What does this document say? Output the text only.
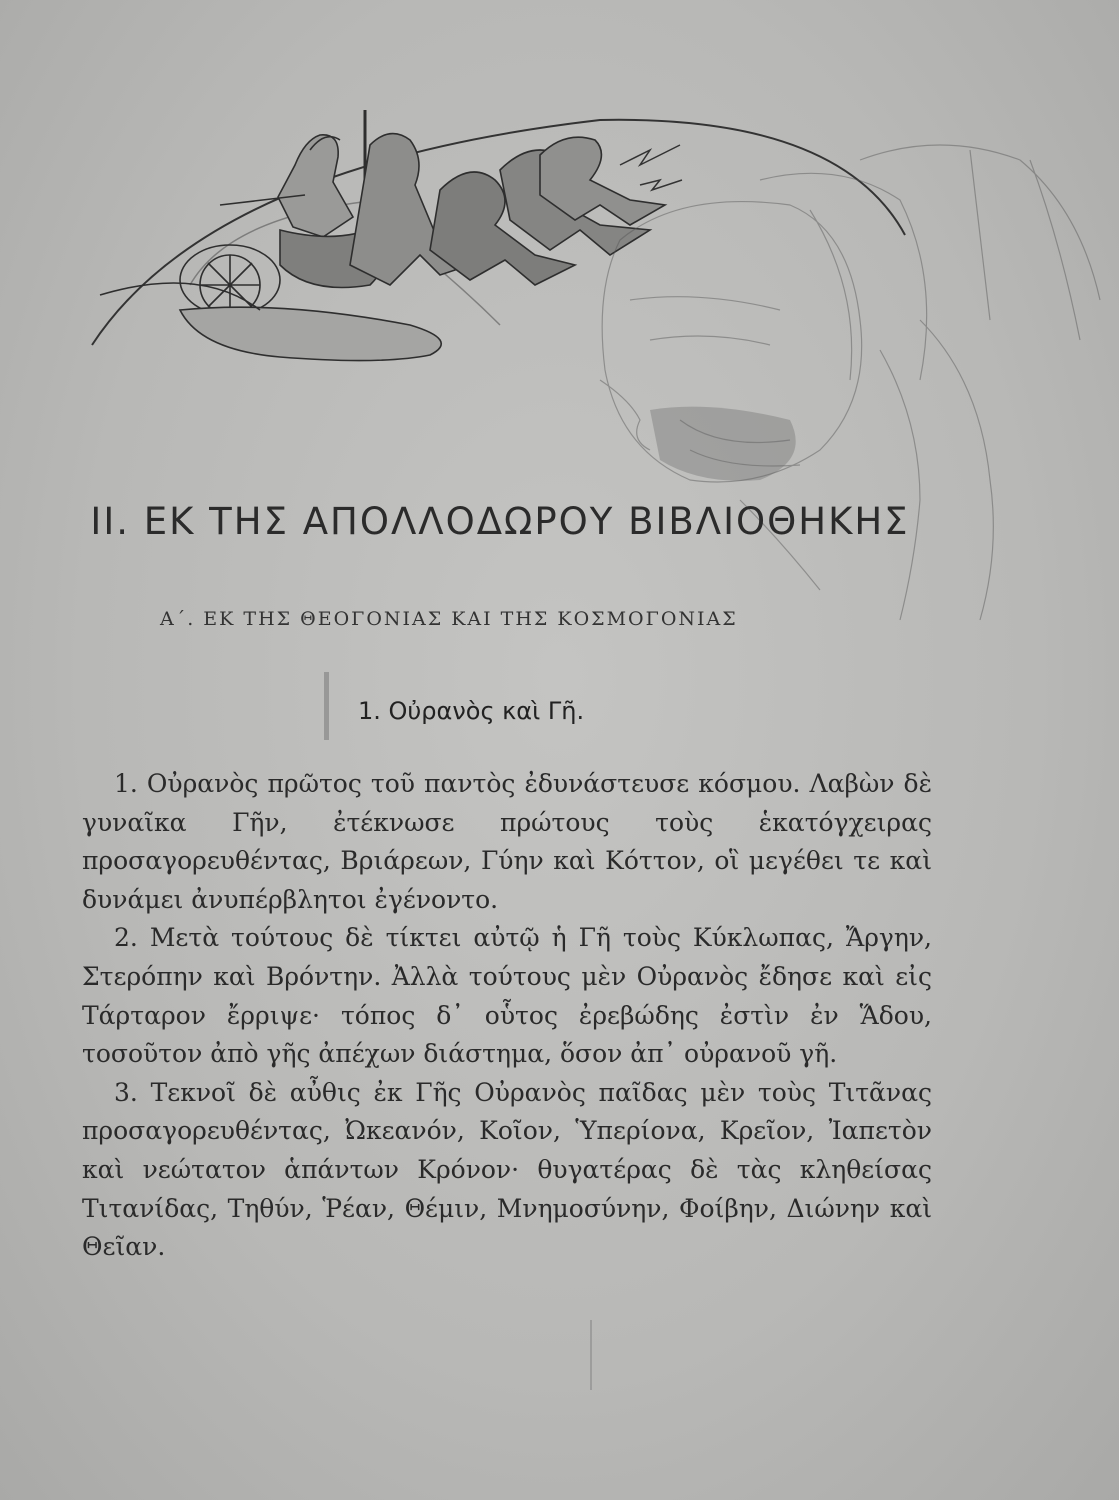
II. ΕΚ ΤΗΣ ΑΠΟΛΛΟΔΩΡΟΥ ΒΙΒΛΙΟΘΗΚΗΣ
Α΄. ΕΚ ΤΗΣ ΘΕΟΓΟΝΙΑΣ ΚΑΙ ΤΗΣ ΚΟΣΜΟΓΟΝΙΑΣ
1. Οὐρανὸς καὶ Γῆ.

1. Οὐρανὸς πρῶτος τοῦ παντὸς ἐδυνάστευσε κόσμου. Λαβὼν δὲ γυναῖκα Γῆν, ἐτέκνωσε πρώτους τοὺς ἑκατόγχειρας προσαγορευθέντας, Βριάρεων, Γύην καὶ Κόττον, οἳ μεγέθει τε καὶ δυνάμει ἀνυπέρβλητοι ἐγένοντο.

2. Μετὰ τούτους δὲ τίκτει αὐτῷ ἡ Γῆ τοὺς Κύκλωπας, Ἄργην, Στερόπην καὶ Βρόντην. Ἀλλὰ τούτους μὲν Οὐρανὸς ἔδησε καὶ εἰς Τάρταρον ἔρριψε· τόπος δ᾽ οὗτος ἐρεβώδης ἐστὶν ἐν Ἅδου, τοσοῦτον ἀπὸ γῆς ἀπέχων διάστημα, ὅσον ἀπ᾽ οὐρανοῦ γῆ.

3. Τεκνοῖ δὲ αὖθις ἐκ Γῆς Οὐρανὸς παῖδας μὲν τοὺς Τιτᾶνας προσαγορευθέντας, Ὠκεανόν, Κοῖον, Ὑπερίονα, Κρεῖον, Ἰαπετὸν καὶ νεώτατον ἁπάντων Κρόνον· θυγατέρας δὲ τὰς κληθείσας Τιτανίδας, Τηθύν, Ῥέαν, Θέμιν, Μνημοσύνην, Φοίβην, Διώνην καὶ Θεῖαν.
